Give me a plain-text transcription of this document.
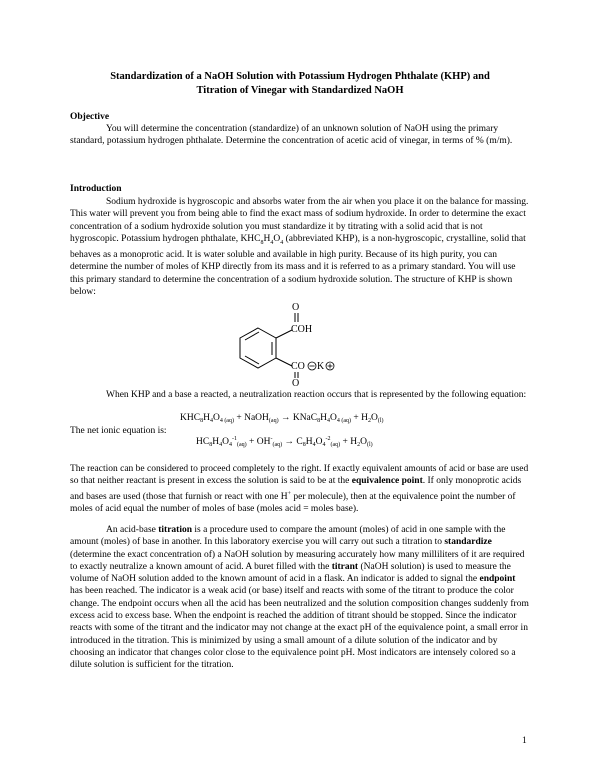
Standardization of a NaOH Solution with Potassium Hydrogen Phthalate (KHP) and
Titration of Vinegar with Standardized NaOH
Objective
You will determine the concentration (standardize) of an unknown solution of NaOH using the primary standard, potassium hydrogen phthalate. Determine the concentration of acetic acid of vinegar, in terms of % (m/m).
Introduction
Sodium hydroxide is hygroscopic and absorbs water from the air when you place it on the balance for massing. This water will prevent you from being able to find the exact mass of sodium hydroxide. In order to determine the exact concentration of a sodium hydroxide solution you must standardize it by titrating with a solid acid that is not hygroscopic. Potassium hydrogen phthalate, $KHC_8H_4O_4$ (abbreviated KHP), is a non-hygroscopic, crystalline, solid that behaves as a monoprotic acid. It is water soluble and available in high purity. Because of its high purity, you can determine the number of moles of KHP directly from its mass and it is referred to as a primary standard. You will use this primary standard to determine the concentration of a sodium hydroxide solution. The structure of KHP is shown below:
O
COH
CO K
O
When KHP and a base a reacted, a neutralization reaction occurs that is represented by the following equation:
$KHC_8H_4O_{4 (aq)}$ + NaOH$_{(aq)}$ → $KNaC_8H_4O_{4 (aq)} + H_2O_{(l)}$
The net ionic equation is:
$HC_8H_4O_4^{-1}_{(aq)} + OH^-_{(aq)} \to C_8H_4O_4^{-2}_{(aq)} + H_2O_{(l)}$
The reaction can be considered to proceed completely to the right. If exactly equivalent amounts of acid or base are used so that neither reactant is present in excess the solution is said to be at the equivalence point. If only monoprotic acids and bases are used (those that furnish or react with one H+ per molecule), then at the equivalence point the number of moles of acid equal the number of moles of base (moles acid = moles base).
An acid-base titration is a procedure used to compare the amount (moles) of acid in one sample with the amount (moles) of base in another. In this laboratory exercise you will carry out such a titration to standardize (determine the exact concentration of) a NaOH solution by measuring accurately how many milliliters of it are required to exactly neutralize a known amount of acid. A buret filled with the titrant (NaOH solution) is used to measure the volume of NaOH solution added to the known amount of acid in a flask. An indicator is added to signal the endpoint has been reached. The indicator is a weak acid (or base) itself and reacts with some of the titrant to produce the color change. The endpoint occurs when all the acid has been neutralized and the solution composition changes suddenly from excess acid to excess base. When the endpoint is reached the addition of titrant should be stopped. Since the indicator reacts with some of the titrant and the indicator may not change at the exact pH of the equivalence point, a small error in introduced in the titration. This is minimized by using a small amount of a dilute solution of the indicator and by choosing an indicator that changes color close to the equivalence point pH. Most indicators are intensely colored so a dilute solution is sufficient for the titration.
1
